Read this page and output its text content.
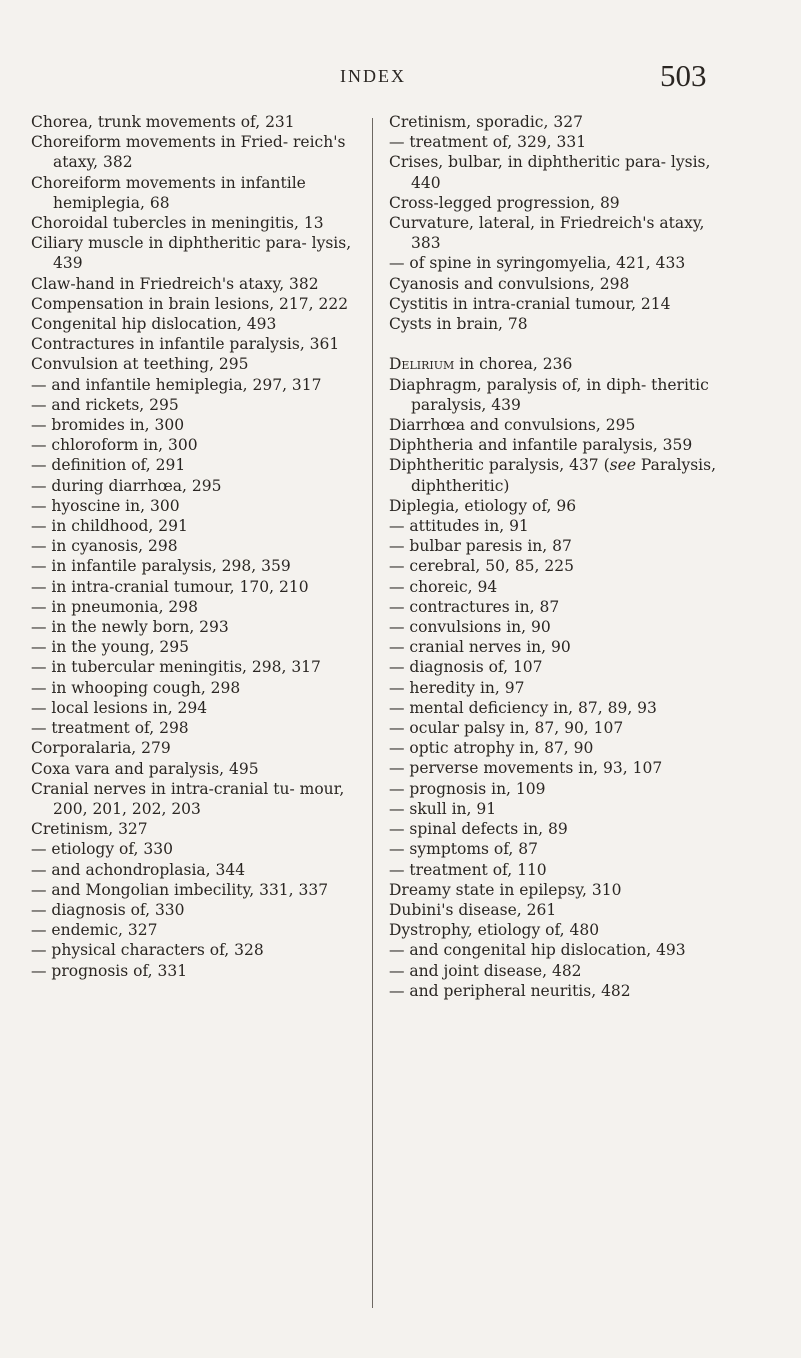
INDEX	503
Chorea, trunk movements of, 231
Choreiform movements in Fried- reich's ataxy, 382
Choreiform movements in infantile hemiplegia, 68
Choroidal tubercles in meningitis, 13
Ciliary muscle in diphtheritic para- lysis, 439
Claw-hand in Friedreich's ataxy, 382
Compensation in brain lesions, 217, 222
Congenital hip dislocation, 493
Contractures in infantile paralysis, 361
Convulsion at teething, 295
— and infantile hemiplegia, 297, 317
— and rickets, 295
— bromides in, 300
— chloroform in, 300
— definition of, 291
— during diarrhœa, 295
— hyoscine in, 300
— in childhood, 291
— in cyanosis, 298
— in infantile paralysis, 298, 359
— in intra-cranial tumour, 170, 210
— in pneumonia, 298
— in the newly born, 293
— in the young, 295
— in tubercular meningitis, 298, 317
— in whooping cough, 298
— local lesions in, 294
— treatment of, 298
Corporalaria, 279
Coxa vara and paralysis, 495
Cranial nerves in intra-cranial tu- mour, 200, 201, 202, 203
Cretinism, 327
— etiology of, 330
— and achondroplasia, 344
— and Mongolian imbecility, 331, 337
— diagnosis of, 330
— endemic, 327
— physical characters of, 328
— prognosis of, 331
Cretinism, sporadic, 327
— treatment of, 329, 331
Crises, bulbar, in diphtheritic para- lysis, 440
Cross-legged progression, 89
Curvature, lateral, in Friedreich's ataxy, 383
— of spine in syringomyelia, 421, 433
Cyanosis and convulsions, 298
Cystitis in intra-cranial tumour, 214
Cysts in brain, 78
Delirium in chorea, 236
Diaphragm, paralysis of, in diph- theritic paralysis, 439
Diarrhœa and convulsions, 295
Diphtheria and infantile paralysis, 359
Diphtheritic paralysis, 437 (see Paralysis, diphtheritic)
Diplegia, etiology of, 96
— attitudes in, 91
— bulbar paresis in, 87
— cerebral, 50, 85, 225
— choreic, 94
— contractures in, 87
— convulsions in, 90
— cranial nerves in, 90
— diagnosis of, 107
— heredity in, 97
— mental deficiency in, 87, 89, 93
— ocular palsy in, 87, 90, 107
— optic atrophy in, 87, 90
— perverse movements in, 93, 107
— prognosis in, 109
— skull in, 91
— spinal defects in, 89
— symptoms of, 87
— treatment of, 110
Dreamy state in epilepsy, 310
Dubini's disease, 261
Dystrophy, etiology of, 480
— and congenital hip dislocation, 493
— and joint disease, 482
— and peripheral neuritis, 482
